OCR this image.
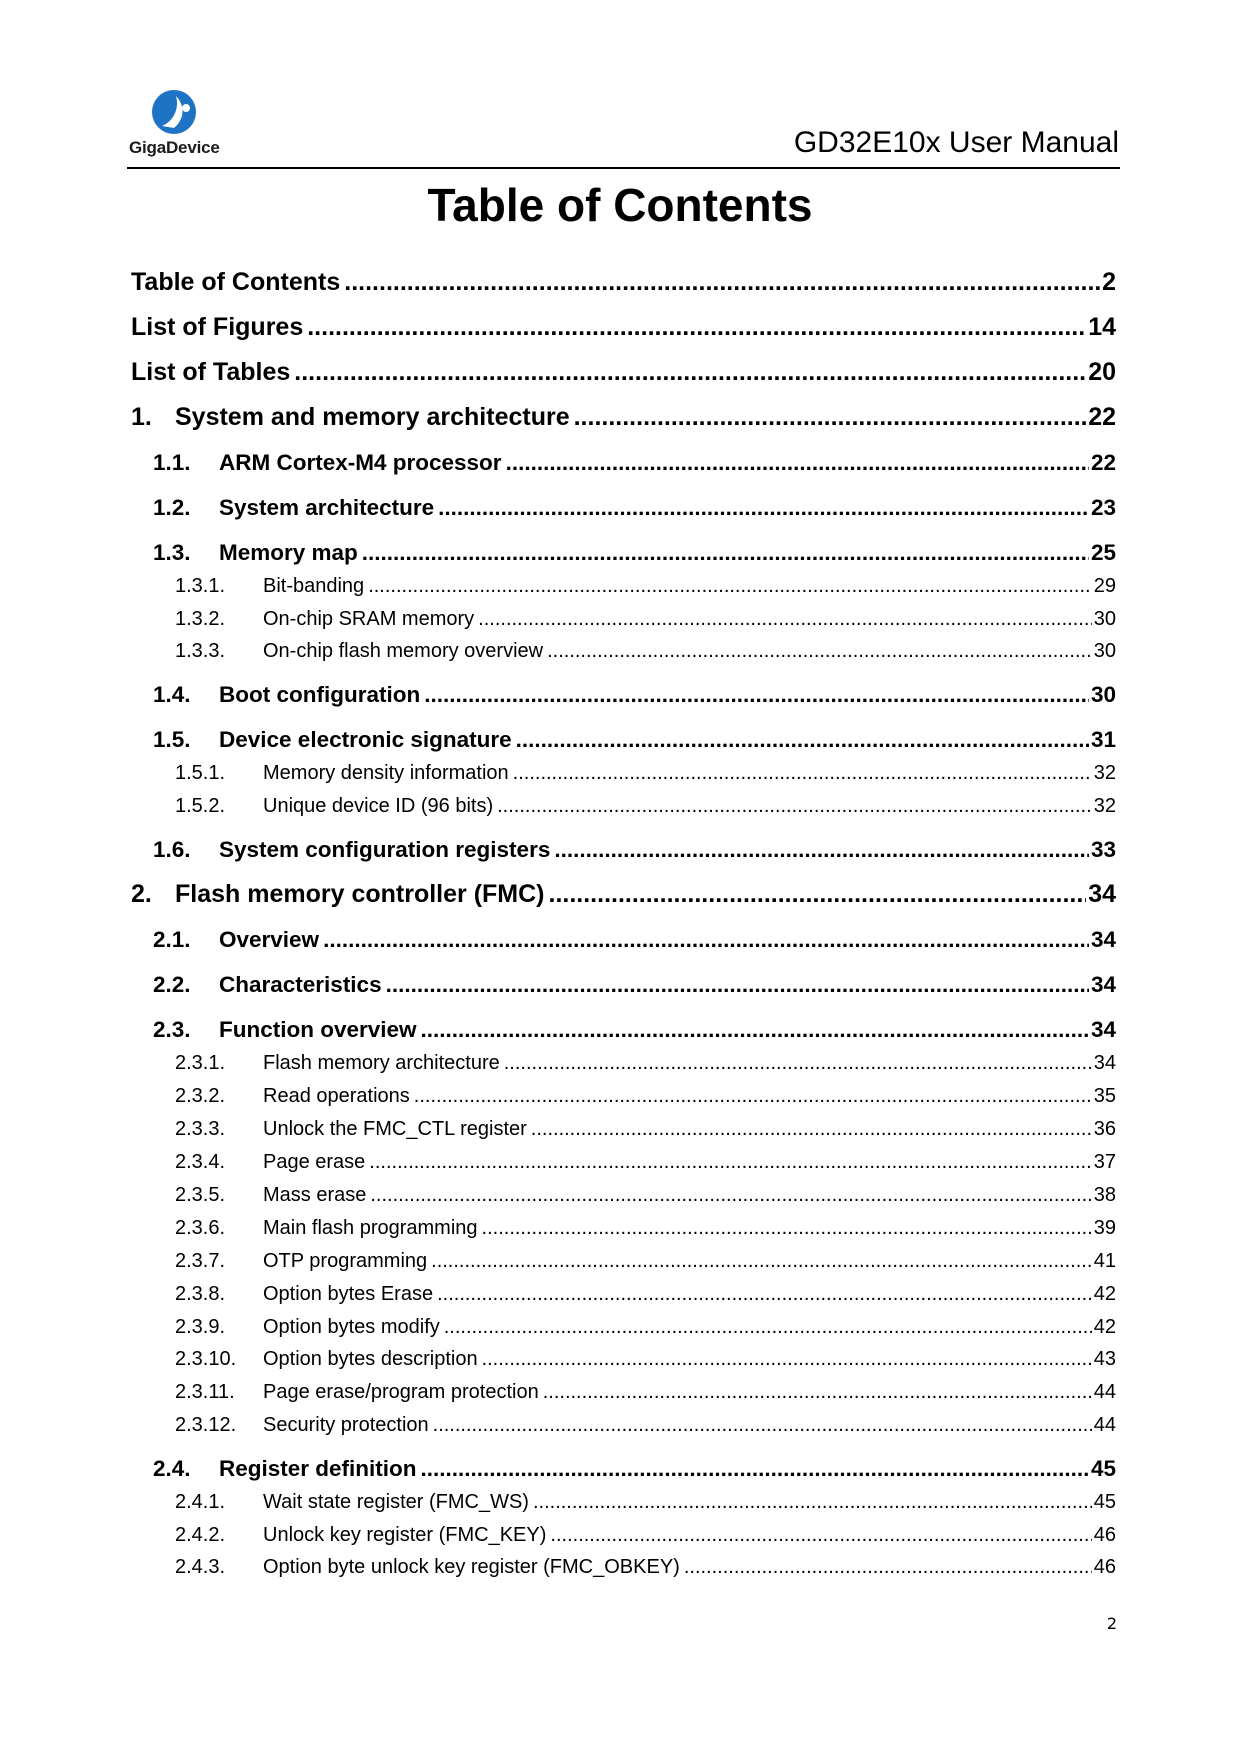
GigaDevice	GD32E10x User Manual
Table of Contents
Table of Contents .....	2
List of Figures .....	14
List of Tables .....	20
1. System and memory architecture .....	22
1.1.	ARM Cortex-M4 processor .....	22
1.2.	System architecture .....	23
1.3.	Memory map .....	25
1.3.1.	Bit-banding .....	29
1.3.2.	On-chip SRAM memory .....	30
1.3.3.	On-chip flash memory overview .....	30
1.4.	Boot configuration .....	30
1.5.	Device electronic signature .....	31
1.5.1.	Memory density information .....	32
1.5.2.	Unique device ID (96 bits) .....	32
1.6.	System configuration registers .....	33
2. Flash memory controller (FMC) .....	34
2.1.	Overview .....	34
2.2.	Characteristics .....	34
2.3.	Function overview .....	34
2.3.1.	Flash memory architecture .....	34
2.3.2.	Read operations .....	35
2.3.3.	Unlock the FMC_CTL register .....	36
2.3.4.	Page erase .....	37
2.3.5.	Mass erase .....	38
2.3.6.	Main flash programming .....	39
2.3.7.	OTP programming .....	41
2.3.8.	Option bytes Erase .....	42
2.3.9.	Option bytes modify .....	42
2.3.10.	Option bytes description .....	43
2.3.11.	Page erase/program protection .....	44
2.3.12.	Security protection .....	44
2.4.	Register definition .....	45
2.4.1.	Wait state register (FMC_WS) .....	45
2.4.2.	Unlock key register (FMC_KEY) .....	46
2.4.3.	Option byte unlock key register (FMC_OBKEY) .....	46
2
